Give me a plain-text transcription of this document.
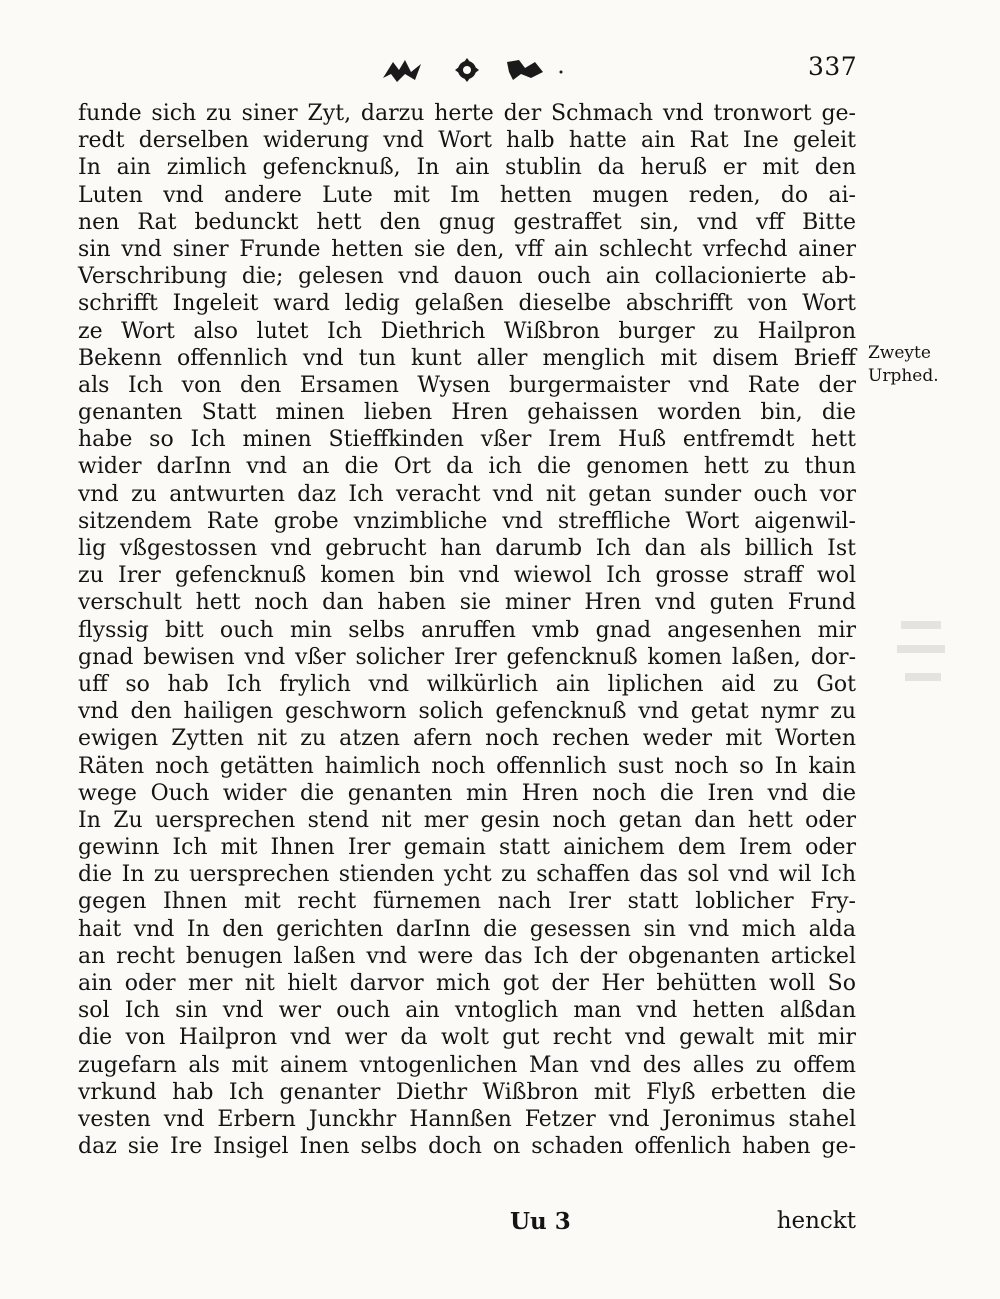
337
funde sich zu siner Zyt, darzu herte der Schmach vnd tronwort ge-
redt derselben widerung vnd Wort halb hatte ain Rat Ine geleit
In ain zimlich gefencknuß, In ain stublin da heruß er mit den
Luten vnd andere Lute mit Im hetten mugen reden, do ai-
nen Rat bedunckt hett den gnug gestraffet sin, vnd vff Bitte
sin vnd siner Frunde hetten sie den, vff ain schlecht vrfechd ainer
Verschribung die; gelesen vnd dauon ouch ain collacionierte ab-
schrifft Ingeleit ward ledig gelaßen dieselbe abschrifft von Wort
ze Wort also lutet Ich Diethrich Wißbron burger zu Hailpron
Bekenn offennlich vnd tun kunt aller menglich mit disem Brieff
als Ich von den Ersamen Wysen burgermaister vnd Rate der
genanten Statt minen lieben Hren gehaissen worden bin, die
habe so Ich minen Stieffkinden vßer Irem Huß entfremdt hett
wider darInn vnd an die Ort da ich die genomen hett zu thun
vnd zu antwurten daz Ich veracht vnd nit getan sunder ouch vor
sitzendem Rate grobe vnzimbliche vnd streffliche Wort aigenwil-
lig vßgestossen vnd gebrucht han darumb Ich dan als billich Ist
zu Irer gefencknuß komen bin vnd wiewol Ich grosse straff wol
verschult hett noch dan haben sie miner Hren vnd guten Frund
flyssig bitt ouch min selbs anruffen vmb gnad angesenhen mir
gnad bewisen vnd vßer solicher Irer gefencknuß komen laßen, dor-
uff so hab Ich frylich vnd wilkürlich ain liplichen aid zu Got
vnd den hailigen geschworn solich gefencknuß vnd getat nymr zu
ewigen Zytten nit zu atzen afern noch rechen weder mit Worten
Räten noch getätten haimlich noch offennlich sust noch so In kain
wege Ouch wider die genanten min Hren noch die Iren vnd die
In Zu uersprechen stend nit mer gesin noch getan dan hett oder
gewinn Ich mit Ihnen Irer gemain statt ainichem dem Irem oder
die In zu uersprechen stienden ycht zu schaffen das sol vnd wil Ich
gegen Ihnen mit recht fürnemen nach Irer statt loblicher Fry-
hait vnd In den gerichten darInn die gesessen sin vnd mich alda
an recht benugen laßen vnd were das Ich der obgenanten artickel
ain oder mer nit hielt darvor mich got der Her behütten woll So
sol Ich sin vnd wer ouch ain vntoglich man vnd hetten alßdan
die von Hailpron vnd wer da wolt gut recht vnd gewalt mit mir
zugefarn als mit ainem vntogenlichen Man vnd des alles zu offem
vrkund hab Ich genanter Diethr Wißbron mit Flyß erbetten die
vesten vnd Erbern Junckhr Hannßen Fetzer vnd Jeronimus stahel
daz sie Ire Insigel Inen selbs doch on schaden offenlich haben ge-
Zweyte
Urphed.
Uu 3	henckt
